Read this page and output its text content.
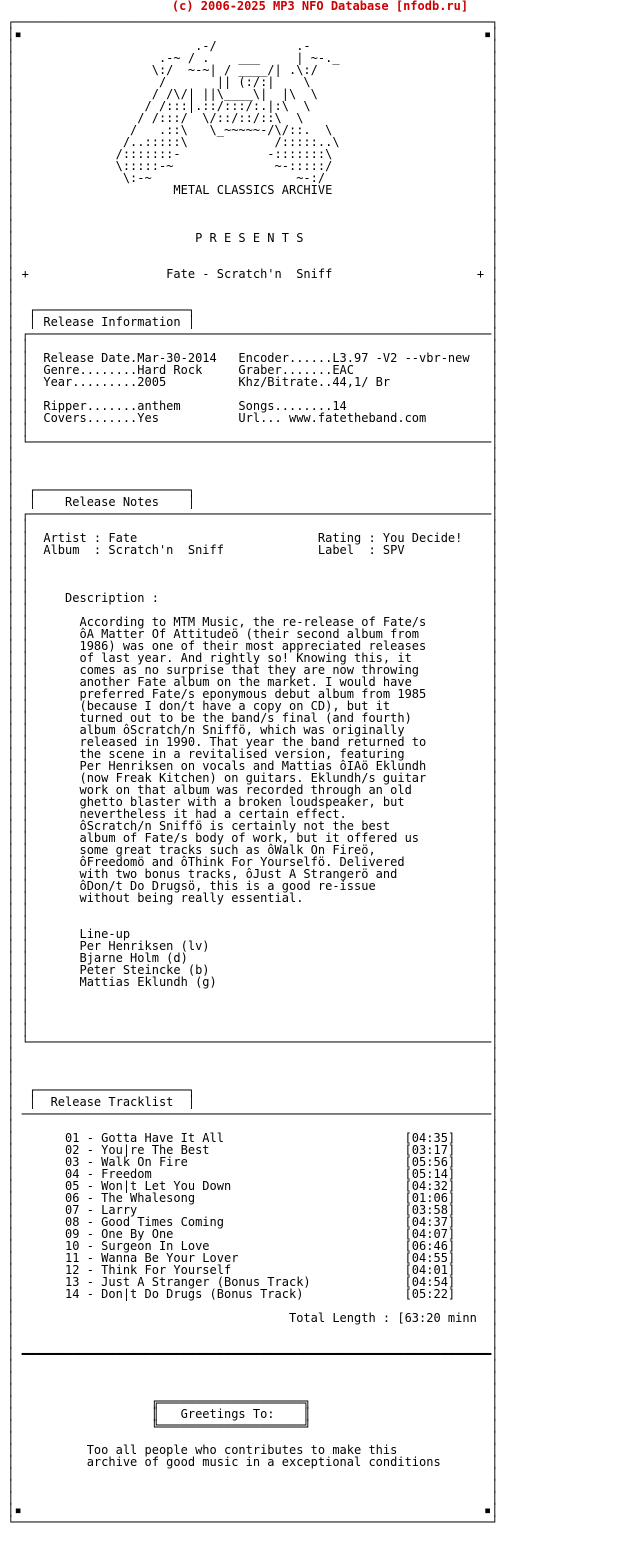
(c) 2006-2025 MP3 NFO Database [nfodb.ru]
┌──────────────────────────────────────────────────────────────────┐
│▪                                                                ▪│
│                         .-/           .-                         │
│                    .-~ / .    ___     | ~-._                     │
│                   \:/  ~-~| / ____/| .\:/                        │
│                    /       || (:/:|    \                         │
│                   / /\/| ||\____\|  |\  \                        │
│                  / /:::|.::/:::/:.|:\  \                         │
│                 / /:::/  \/::/::/::\  \                          │
│                /   .::\   \_~~~~~-/\/::.  \                      │
│               /..:::::\            /:::::..\                     │
│              /:::::::-            -:::::::\                      │
│              \:::::-~              ~-:::::/                      │
│               \:-~                    ~-:/                       │
│                      METAL CLASSICS ARCHIVE                      │
│                                                                  │
│                                                                  │
│                                                                  │
│                         P R E S E N T S                          │
│                                                                  │
│                                                                  │
│ +                   Fate - Scratch'n  Sniff                    + │
│                                                                  │
│                                                                  │
│  ┌─────────────────────┐                                         │
│  │ Release Information │                                         │
│ ┌────────────────────────────────────────────────────────────────│
│ │                                                                │
│ │  Release Date.Mar-30-2014   Encoder......L3.97 -V2 --vbr-new   │
│ │  Genre........Hard Rock     Graber.......EAC                   │
│ │  Year.........2005          Khz/Bitrate..44,1/ Br              │
│ │                                                                │
│ │  Ripper.......anthem        Songs........14                    │
│ │  Covers.......Yes           Url... www.fatetheband.com         │
│ │                                                                │
│ └────────────────────────────────────────────────────────────────│
│                                                                  │
│                                                                  │
│                                                                  │
│  ┌─────────────────────┐                                         │
│  │    Release Notes    │                                         │
│ ┌────────────────────────────────────────────────────────────────│
│ │                                                                │
│ │  Artist : Fate                         Rating : You Decide!    │
│ │  Album  : Scratch'n  Sniff             Label  : SPV            │
│ │                                                                │
│ │                                                                │
│ │                                                                │
│ │     Description :                                              │
│ │                                                                │
│ │       According to MTM Music, the re-release of Fate/s         │
│ │       ôA Matter Of Attitudeö (their second album from          │
│ │       1986) was one of their most appreciated releases         │
│ │       of last year. And rightly so! Knowing this, it           │
│ │       comes as no surprise that they are now throwing          │
│ │       another Fate album on the market. I would have           │
│ │       preferred Fate/s eponymous debut album from 1985         │
│ │       (because I don/t have a copy on CD), but it              │
│ │       turned out to be the band/s final (and fourth)           │
│ │       album ôScratch/n Sniffö, which was originally            │
│ │       released in 1990. That year the band returned to         │
│ │       the scene in a revitalised version, featuring            │
│ │       Per Henriksen on vocals and Mattias ôIAö Eklundh         │
│ │       (now Freak Kitchen) on guitars. Eklundh/s guitar         │
│ │       work on that album was recorded through an old           │
│ │       ghetto blaster with a broken loudspeaker, but            │
│ │       nevertheless it had a certain effect.                    │
│ │       ôScratch/n Sniffö is certainly not the best              │
│ │       album of Fate/s body of work, but it offered us          │
│ │       some great tracks such as ôWalk On Fireö,                │
│ │       ôFreedomö and ôThink For Yourselfö. Delivered            │
│ │       with two bonus tracks, ôJust A Strangerö and             │
│ │       ôDon/t Do Drugsö, this is a good re-issue                │
│ │       without being really essential.                          │
│ │                                                                │
│ │                                                                │
│ │       Line-up                                                  │
│ │       Per Henriksen (lv)                                       │
│ │       Bjarne Holm (d)                                          │
│ │       Peter Steincke (b)                                       │
│ │       Mattias Eklundh (g)                                      │
│ │                                                                │
│ │                                                                │
│ │                                                                │
│ │                                                                │
│ └────────────────────────────────────────────────────────────────│
│                                                                  │
│                                                                  │
│                                                                  │
│  ┌─────────────────────┐                                         │
│  │  Release Tracklist  │                                         │
│ ─────────────────────────────────────────────────────────────────│
│                                                                  │
│       01 - Gotta Have It All                         [04:35]     │
│       02 - You|re The Best                           [03:17]     │
│       03 - Walk On Fire                              [05:56]     │
│       04 - Freedom                                   [05:14]     │
│       05 - Won|t Let You Down                        [04:32]     │
│       06 - The Whalesong                             [01:06]     │
│       07 - Larry                                     [03:58]     │
│       08 - Good Times Coming                         [04:37]     │
│       09 - One By One                                [04:07]     │
│       10 - Surgeon In Love                           [06:46]     │
│       11 - Wanna Be Your Lover                       [04:55]     │
│       12 - Think For Yourself                        [04:01]     │
│       13 - Just A Stranger (Bonus Track)             [04:54]     │
│       14 - Don|t Do Drugs (Bonus Track)              [05:22]     │
│                                                                  │
│                                      Total Length : [63:20 minn  │
│                                                                  │
│                                                                  │
│ ━━━━━━━━━━━━━━━━━━━━━━━━━━━━━━━━━━━━━━━━━━━━━━━━━━━━━━━━━━━━━━━━━│
│                                                                  │
│                                                                  │
│                                                                  │
│                   ╔════════════════════╗                         │
│                   ║   Greetings To:    ║                         │
│                   ╚════════════════════╝                         │
│                                                                  │
│          Too all people who contributes to make this             │
│          archive of good music in a exceptional conditions       │
│                                                                  │
│                                                                  │
│                                                                  │
│▪                                                                ▪│
└──────────────────────────────────────────────────────────────────┘
